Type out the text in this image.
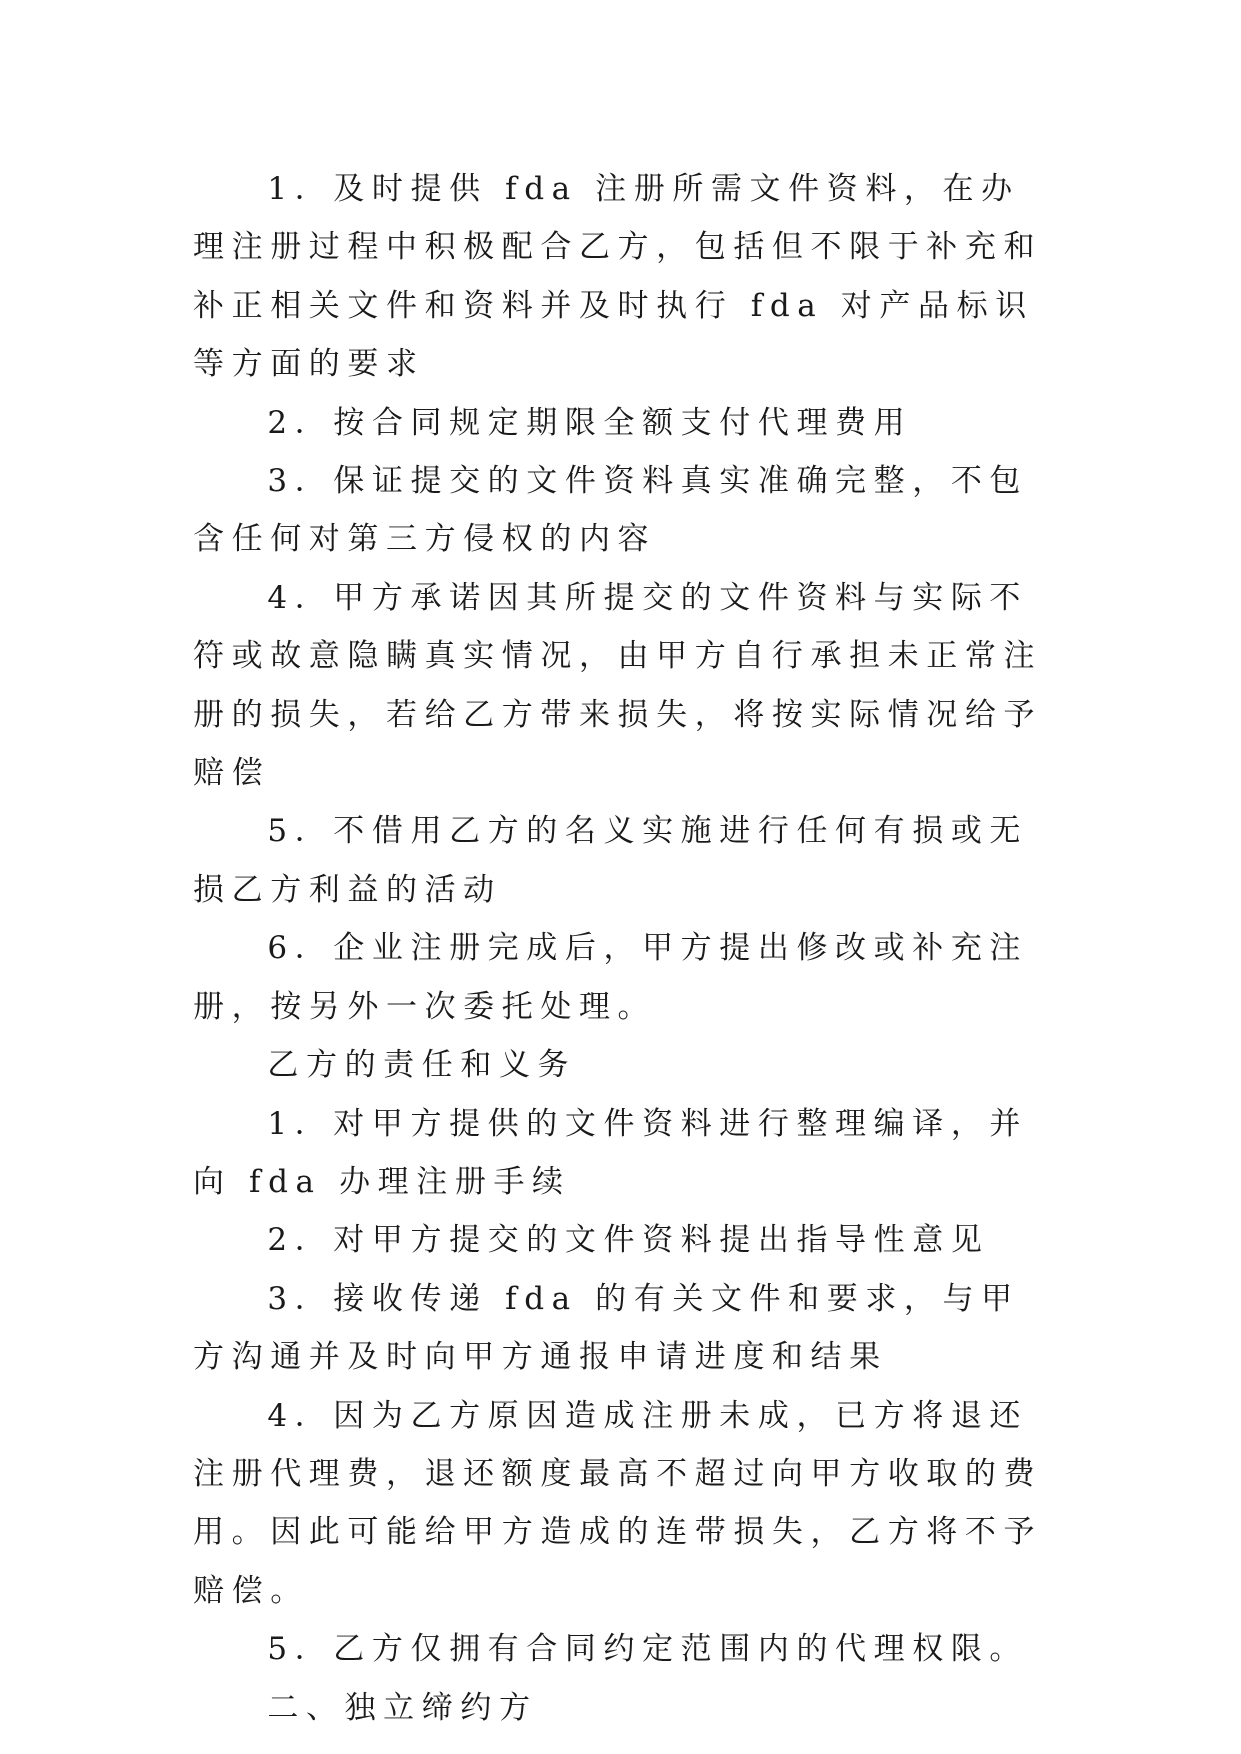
1．及时提供 fda 注册所需文件资料，在办理注册过程中积极配合乙方，包括但不限于补充和补正相关文件和资料并及时执行 fda 对产品标识等方面的要求

2．按合同规定期限全额支付代理费用

3．保证提交的文件资料真实准确完整，不包含任何对第三方侵权的内容

4．甲方承诺因其所提交的文件资料与实际不符或故意隐瞒真实情况，由甲方自行承担未正常注册的损失，若给乙方带来损失，将按实际情况给予赔偿

5．不借用乙方的名义实施进行任何有损或无损乙方利益的活动

6．企业注册完成后，甲方提出修改或补充注册，按另外一次委托处理。

乙方的责任和义务

1．对甲方提供的文件资料进行整理编译，并向 fda 办理注册手续

2．对甲方提交的文件资料提出指导性意见

3．接收传递 fda 的有关文件和要求，与甲方沟通并及时向甲方通报申请进度和结果

4．因为乙方原因造成注册未成，已方将退还注册代理费，退还额度最高不超过向甲方收取的费用。因此可能给甲方造成的连带损失，乙方将不予赔偿。

5．乙方仅拥有合同约定范围内的代理权限。

二、独立缔约方
